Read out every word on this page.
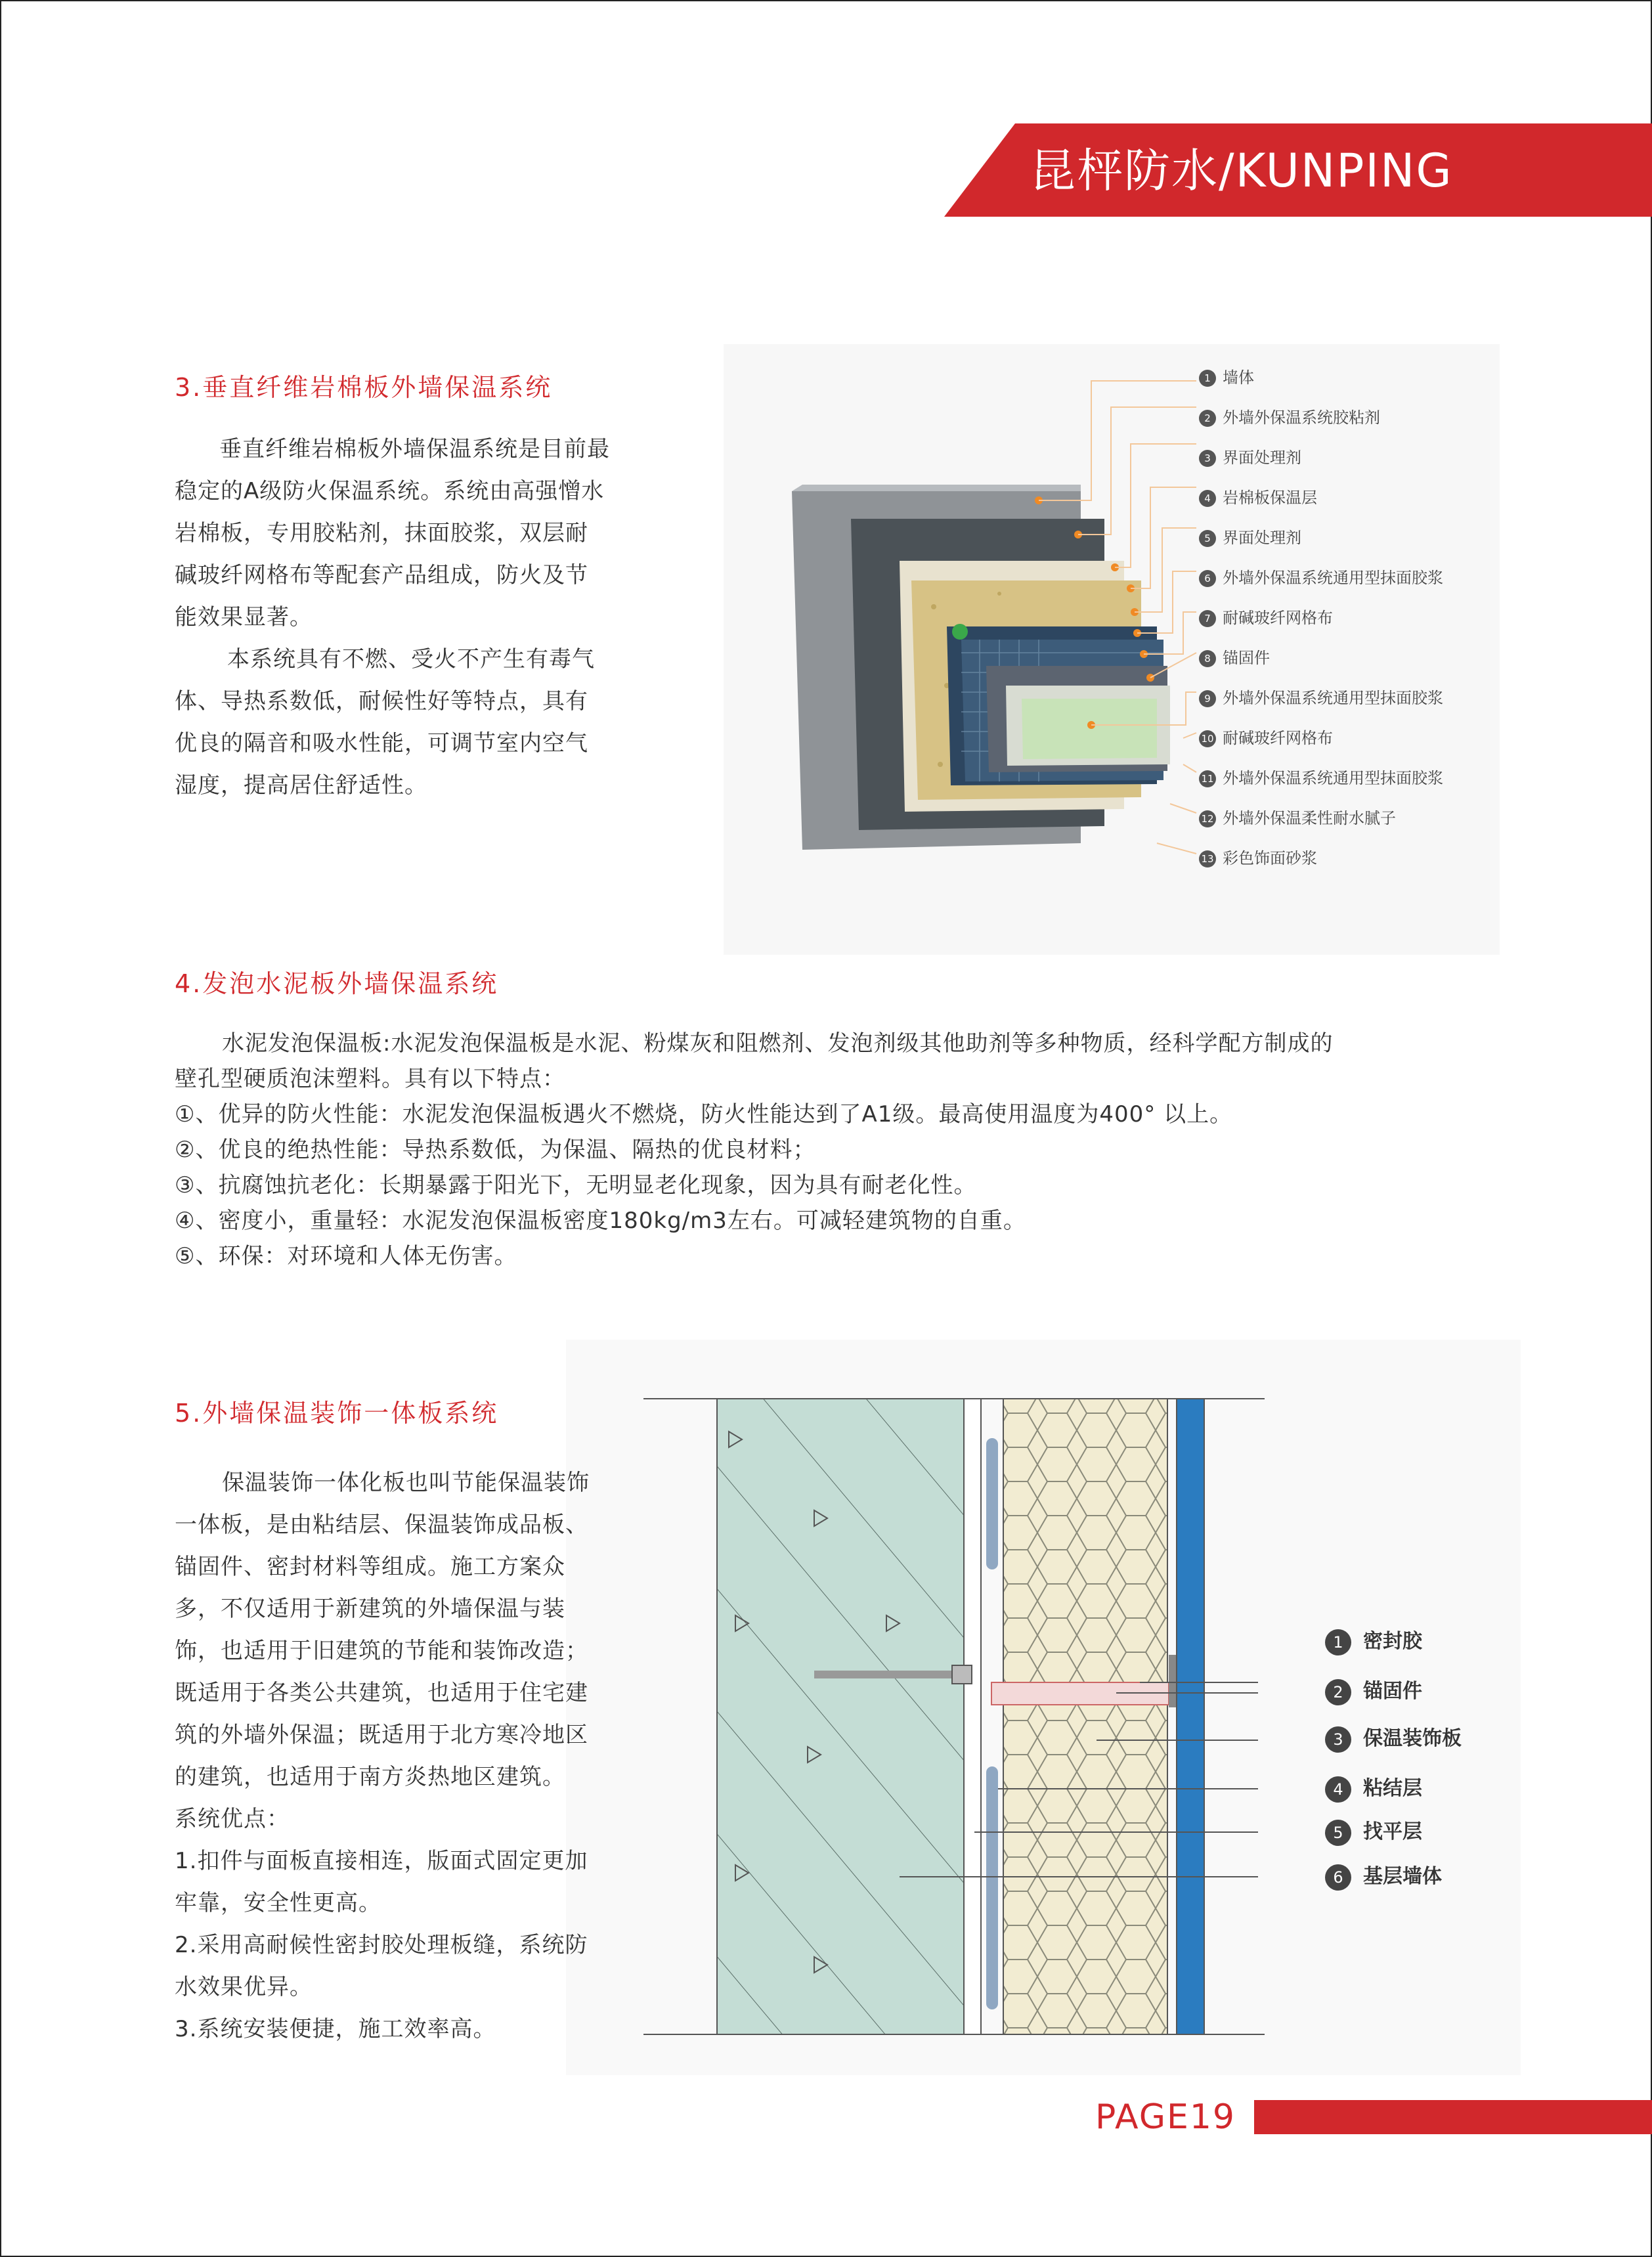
昆枰防水/KUNPING
3.垂直纤维岩棉板外墙保温系统
垂直纤维岩棉板外墙保温系统是目前最
稳定的A级防火保温系统。系统由高强憎水
岩棉板，专用胶粘剂，抹面胶浆，双层耐
碱玻纤网格布等配套产品组成，防火及节
能效果显著。
本系统具有不燃、受火不产生有毒气
体、导热系数低，耐候性好等特点，具有
优良的隔音和吸水性能，可调节室内空气
湿度，提高居住舒适性。
1 墙体
2 外墙外保温系统胶粘剂
3 界面处理剂
4 岩棉板保温层
5 界面处理剂
6 外墙外保温系统通用型抹面胶浆
7 耐碱玻纤网格布
8 锚固件
9 外墙外保温系统通用型抹面胶浆
10 耐碱玻纤网格布
11 外墙外保温系统通用型抹面胶浆
12 外墙外保温柔性耐水腻子
13 彩色饰面砂浆
4.发泡水泥板外墙保温系统
水泥发泡保温板:水泥发泡保温板是水泥、粉煤灰和阻燃剂、发泡剂级其他助剂等多种物质，经科学配方制成的
壁孔型硬质泡沫塑料。具有以下特点：
①、优异的防火性能：水泥发泡保温板遇火不燃烧，防火性能达到了A1级。最高使用温度为400° 以上。
②、优良的绝热性能：导热系数低，为保温、隔热的优良材料；
③、抗腐蚀抗老化：长期暴露于阳光下，无明显老化现象，因为具有耐老化性。
④、密度小，重量轻：水泥发泡保温板密度180kg/m3左右。可减轻建筑物的自重。
⑤、环保：对环境和人体无伤害。
5.外墙保温装饰一体板系统
保温装饰一体化板也叫节能保温装饰
一体板，是由粘结层、保温装饰成品板、
锚固件、密封材料等组成。施工方案众
多，不仅适用于新建筑的外墙保温与装
饰，也适用于旧建筑的节能和装饰改造；
既适用于各类公共建筑，也适用于住宅建
筑的外墙外保温；既适用于北方寒冷地区
的建筑，也适用于南方炎热地区建筑。
系统优点：
1.扣件与面板直接相连，版面式固定更加
牢靠，安全性更高。
2.采用高耐候性密封胶处理板缝，系统防
水效果优异。
3.系统安装便捷，施工效率高。
1 密封胶
2 锚固件
3 保温装饰板
4 粘结层
5 找平层
6 基层墙体
PAGE19
